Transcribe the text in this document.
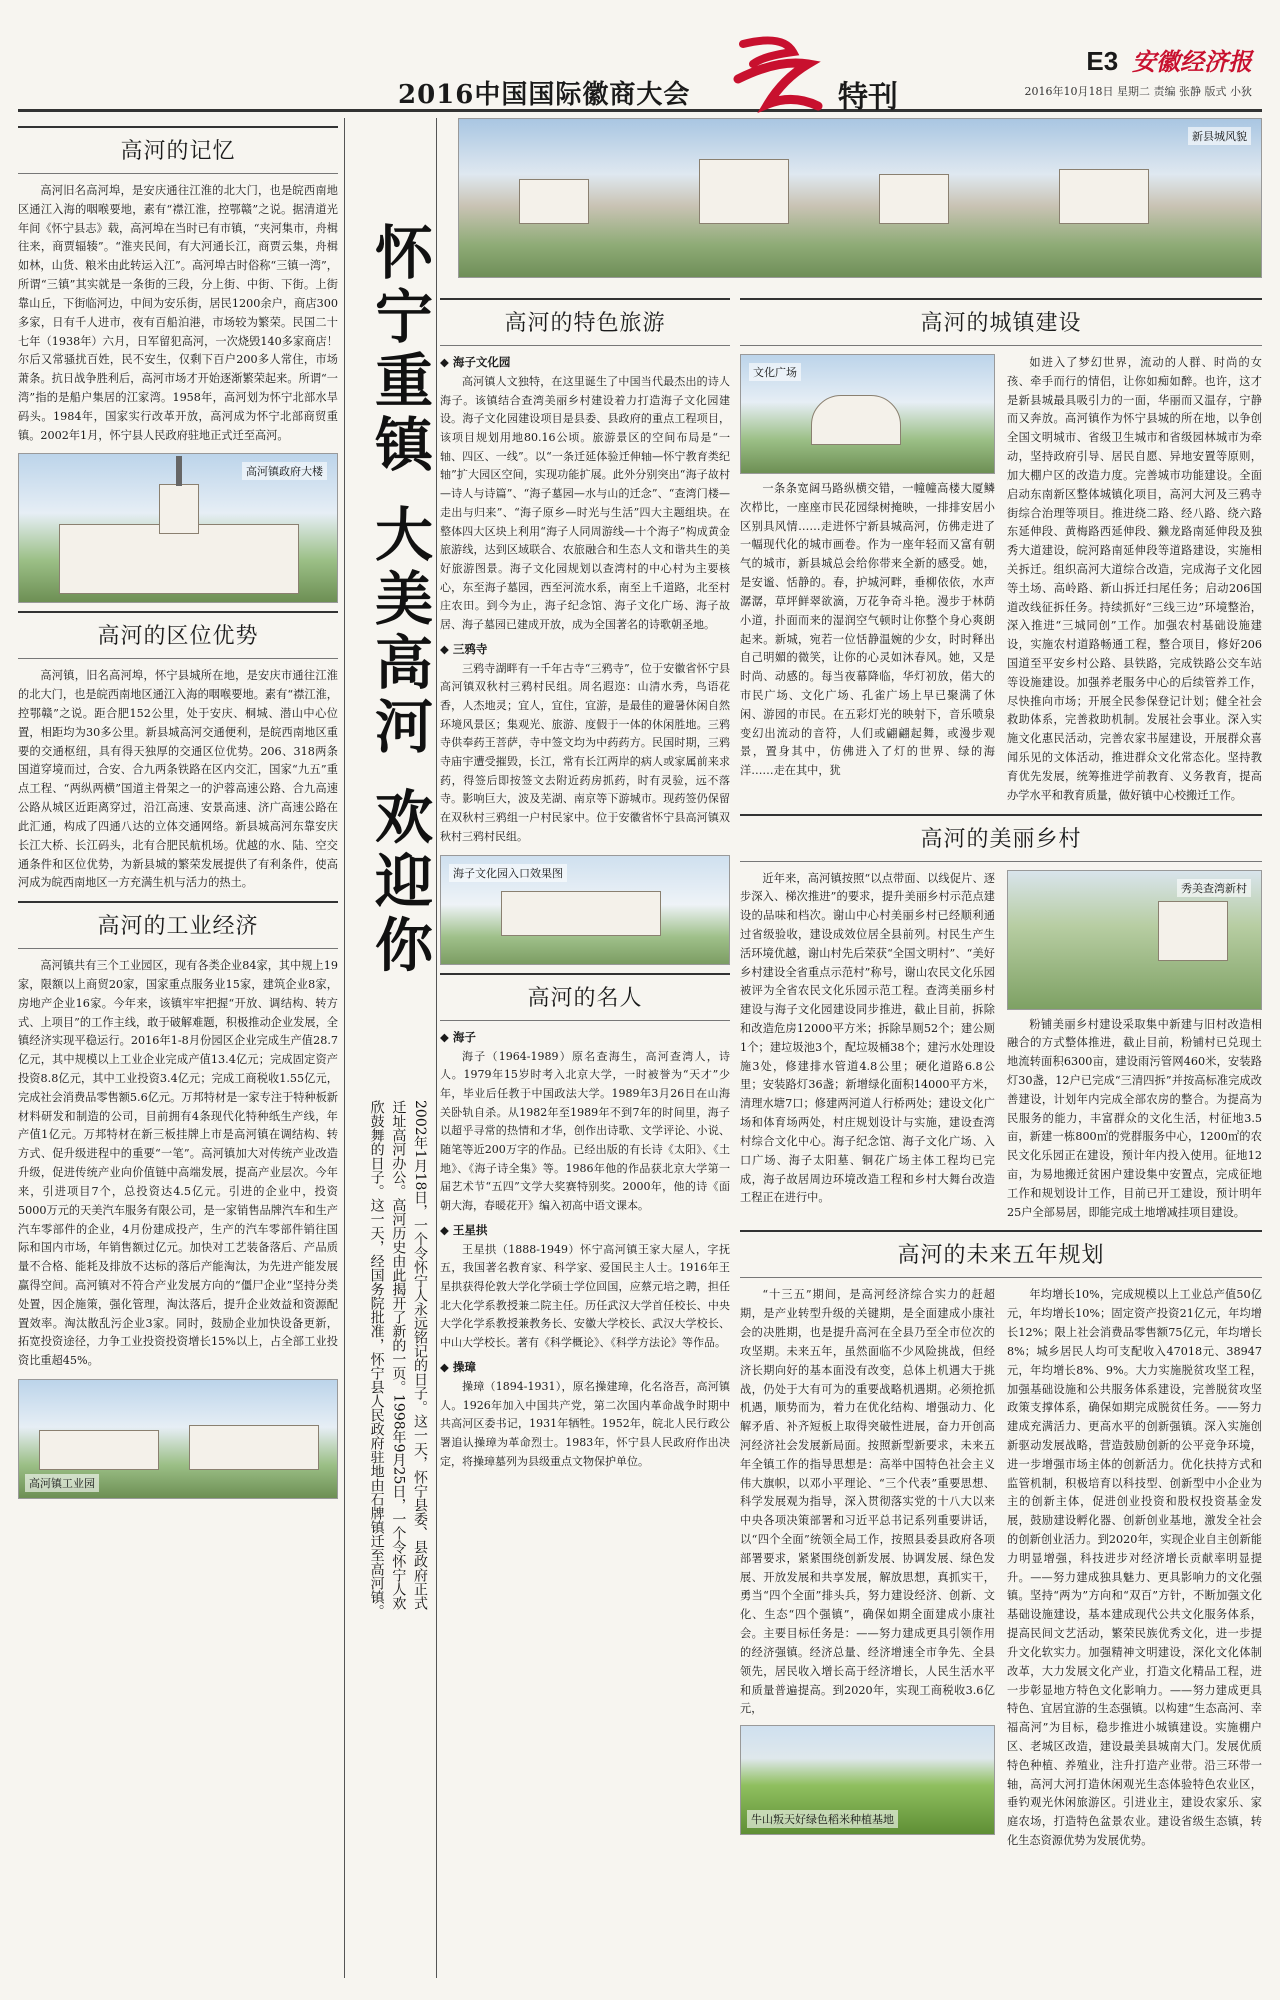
2016中国国际徽商大会	特刊
E3 安徽经济报
2016年10月18日 星期二 责编 张静 版式 小狄
高河的记忆
高河旧名高河埠，是安庆通往江淮的北大门，也是皖西南地区通江入海的咽喉要地，素有“襟江淮，控鄂赣”之说。据清道光年间《怀宁县志》载，高河埠在当时已有市镇，“夹河集市，舟楫往来，商贾辐辏”。“淮夹民间，有大河通长江，商贾云集，舟楫如林，山货、粮米由此转运入江”。高河埠古时俗称“三镇一湾”，所谓“三镇”其实就是一条街的三段，分上街、中街、下街。上街靠山丘，下街临河边，中间为安乐街，居民1200余户，商店300多家，日有千人进市，夜有百船泊港，市场较为繁荣。民国二十七年（1938年）六月，日军留犯高河，一次烧毁140多家商店！尔后又常骚扰百姓，民不安生，仅剩下百户200多人常住，市场萧条。抗日战争胜利后，高河市场才开始逐渐繁荣起来。所谓“一湾”指的是船户集居的江家湾。1958年，高河划为怀宁北部水旱码头。1984年，国家实行改革开放，高河成为怀宁北部商贸重镇。2002年1月，怀宁县人民政府驻地正式迁至高河。
高河镇政府大楼
高河的区位优势
高河镇，旧名高河埠，怀宁县城所在地，是安庆市通往江淮的北大门，也是皖西南地区通江入海的咽喉要地。素有“襟江淮，控鄂赣”之说。距合肥152公里，处于安庆、桐城、潜山中心位置，相距均为30多公里。新县城高河交通便利，是皖西南地区重要的交通枢纽，具有得天独厚的交通区位优势。206、318两条国道穿境而过，合安、合九两条铁路在区内交汇，国家“九五”重点工程、“两纵两横”国道主骨架之一的沪蓉高速公路、合九高速公路从城区近距离穿过，沿江高速、安景高速、济广高速公路在此汇通，构成了四通八达的立体交通网络。新县城高河东靠安庆长江大桥、长江码头，北有合肥民航机场。优越的水、陆、空交通条件和区位优势，为新县城的繁荣发展提供了有利条件，使高河成为皖西南地区一方充满生机与活力的热土。
高河的工业经济
高河镇共有三个工业园区，现有各类企业84家，其中规上19家，限额以上商贸20家，国家重点服务业15家，建筑企业8家，房地产企业16家。今年来，该镇牢牢把握“开放、调结构、转方式、上项目”的工作主线，敢于破解难题，积极推动企业发展，全镇经济实现平稳运行。2016年1-8月份园区企业完成生产值28.7亿元，其中规模以上工业企业完成产值13.4亿元；完成固定资产投资8.8亿元，其中工业投资3.4亿元；完成工商税收1.55亿元，完成社会消费品零售额5.6亿元。万邦特材是一家专注于特种板新材料研发和制造的公司，目前拥有4条现代化特种纸生产线，年产值1亿元。万邦特材在新三板挂牌上市是高河镇在调结构、转方式、促升级进程中的重要“一笔”。高河镇加大对传统产业改造升级，促进传统产业向价值链中高端发展，提高产业层次。今年来，引进项目7个，总投资达4.5亿元。引进的企业中，投资5000万元的天美汽车服务有限公司，是一家销售品牌汽车和生产汽车零部件的企业，4月份建成投产，生产的汽车零部件销往国际和国内市场，年销售额过亿元。加快对工艺装备落后、产品质量不合格、能耗及排放不达标的落后产能淘汰，为先进产能发展赢得空间。高河镇对不符合产业发展方向的“僵尸企业”坚持分类处置，因企施策，强化管理，淘汰落后，提升企业效益和资源配置效率。淘汰散乱污企业3家。同时，鼓励企业加快设备更新，拓宽投资途径，力争工业投资投资增长15%以上，占全部工业投资比重超45%。
高河镇工业园
怀宁重镇 大美高河 欢迎你
2002年1月18日，一个令怀宁人永远铭记的日子。这一天，怀宁县委、县政府正式迁址高河办公。高河历史由此揭开了新的一页。1998年9月25日，一个令怀宁人欢欣鼓舞的日子。这一天，经国务院批准，怀宁县人民政府驻地由石牌镇迁至高河镇。
新县城风貌
高河的特色旅游
◆ 海子文化园
高河镇人文独特，在这里诞生了中国当代最杰出的诗人海子。该镇结合查湾美丽乡村建设着力打造海子文化园建设。海子文化园建设项目是县委、县政府的重点工程项目，该项目规划用地80.16公顷。旅游景区的空间布局是“一轴、四区、一线”。以“一条迁延体验迁伸轴—怀宁教育类纪轴”扩大园区空间，实现功能扩展。此外分别突出“海子故村—诗人与诗篇”、“海子墓园—水与山的迁念”、“查湾门楼—走出与归来”、“海子原乡—时光与生活”四大主题组块。在整体四大区块上利用“海子人同周游线—十个海子”构成黄金旅游线，达到区域联合、农旅融合和生态人文和谐共生的美好旅游图景。海子文化园规划以查湾村的中心村为主要核心，东至海子墓园，西至河流水系，南至上千道路，北至村庄农田。到今为止，海子纪念馆、海子文化广场、海子故居、海子墓园已建成开放，成为全国著名的诗歌朝圣地。
◆ 三鸦寺
三鸦寺湖畔有一千年古寺“三鸦寺”，位于安徽省怀宁县高河镇双秋村三鸦村民组。周名遐迩：山清水秀，鸟语花香，人杰地灵；宜人，宜住，宜游，是最佳的避暑休闲自然环境风景区；集观光、旅游、度假于一体的休闲胜地。三鸦寺供奉药王菩萨，寺中签文均为中药药方。民国时期，三鸦寺庙宇遭受摧毁，长江，常有长江两岸的病人或家属前来求药，得签后即按签文去附近药房抓药，时有灵验，远不落寺。影响巨大，波及芜湖、南京等下游城市。现药签仍保留在双秋村三鸦组一户村民家中。位于安徽省怀宁县高河镇双秋村三鸦村民组。
海子文化园入口效果图
高河的名人
◆ 海子
海子（1964-1989）原名查海生，高河查湾人，诗人。1979年15岁时考入北京大学，一时被誉为“天才”少年，毕业后任教于中国政法大学。1989年3月26日在山海关卧轨自杀。从1982年至1989年不到7年的时间里，海子以超乎寻常的热情和才华，创作出诗歌、文学评论、小说、随笔等近200万字的作品。已经出版的有长诗《太阳》、《土地》、《海子诗全集》等。1986年他的作品获北京大学第一届艺术节“五四”文学大奖赛特别奖。2000年，他的诗《面朝大海，春暖花开》编入初高中语文课本。
◆ 王星拱
王星拱（1888-1949）怀宁高河镇王家大屋人，字抚五，我国著名教育家、科学家、爱国民主人士。1916年王星拱获得伦敦大学化学硕士学位回国，应蔡元培之聘，担任北大化学系教授兼二院主任。历任武汉大学首任校长、中央大学化学系教授兼教务长、安徽大学校长、武汉大学校长、中山大学校长。著有《科学概论》、《科学方法论》等作品。
◆ 操璋
操璋（1894-1931），原名操建璋，化名洛吾，高河镇人。1926年加入中国共产党，第二次国内革命战争时期中共高河区委书记，1931年牺牲。1952年，皖北人民行政公署追认操璋为革命烈士。1983年，怀宁县人民政府作出决定，将操璋墓列为县级重点文物保护单位。
高河的城镇建设
文化广场
一条条宽阔马路纵横交错，一幢幢高楼大厦鳞次栉比，一座座市民花园绿树掩映，一排排安居小区别具风情……走进怀宁新县城高河，仿佛走进了一幅现代化的城市画卷。作为一座年轻而又富有朝气的城市，新县城总会给你带来全新的感受。她，是安谧、恬静的。春，护城河畔，垂柳依依，水声潺潺，草坪鲜翠欲滴，万花争奇斗艳。漫步于林荫小道，扑面而来的湿润空气顿时让你整个身心爽朗起来。新城，宛若一位恬静温婉的少女，时时释出自己明媚的微笑，让你的心灵如沐春风。她，又是时尚、动感的。每当夜幕降临，华灯初放，偌大的市民广场、文化广场、孔雀广场上早已聚满了休闲、游园的市民。在五彩灯光的映射下，音乐喷泉变幻出流动的音符，人们或翩翩起舞，或漫步观景，置身其中，仿佛进入了灯的世界、绿的海洋……走在其中，犹
如进入了梦幻世界，流动的人群、时尚的女孩、牵手而行的情侣，让你如痴如醉。也许，这才是新县城最具吸引力的一面，华丽而又温存，宁静而又奔放。高河镇作为怀宁县城的所在地，以争创全国文明城市、省级卫生城市和省级园林城市为牵动，坚持政府引导、居民自愿、异地安置等原则，加大棚户区的改造力度。完善城市功能建设。全面启动东南新区整体城镇化项目，高河大河及三鸦寺街综合治理等项目。推进绕二路、经八路、绕六路东延伸段、黄梅路西延伸段、獭龙路南延伸段及独秀大道建设，皖河路南延伸段等道路建设，实施相关拆迁。组织高河大道综合改造，完成海子文化园等土场、高岭路、新山拆迁扫尾任务；启动206国道改线征拆任务。持续抓好“三线三边”环境整治，深入推进“三城同创”工作。加强农村基础设施建设，实施农村道路畅通工程，整合项目，修好206国道至平安乡村公路、县铁路，完成铁路公交车站等设施建设。加强养老服务中心的后续管养工作，尽快推向市场；开展全民参保登记计划；健全社会救助体系，完善救助机制。发展社会事业。深入实施文化惠民活动，完善农家书屋建设，开展群众喜闻乐见的文体活动，推进群众文化常态化。坚持教育优先发展，统筹推进学前教育、义务教育，提高办学水平和教育质量，做好镇中心校搬迁工作。
高河的美丽乡村
近年来，高河镇按照“以点带面、以线促片、逐步深入、梯次推进”的要求，提升美丽乡村示范点建设的品味和档次。谢山中心村美丽乡村已经顺利通过省级验收，建设成效位居全县前列。村民生产生活环境优越，谢山村先后荣获“全国文明村”、“美好乡村建设全省重点示范村”称号，谢山农民文化乐园被评为全省农民文化乐园示范工程。查湾美丽乡村建设与海子文化园建设同步推进，截止目前，拆除和改造危房12000平方米；拆除旱厕52个；建公厕1个；建垃圾池3个，配垃圾桶38个；建污水处理设施3处，修建排水管道4.8公里；硬化道路6.8公里；安装路灯36盏；新增绿化面积14000平方米，清理水塘7口；修建两河道人行桥两处；建设文化广场和体育场两处，村庄规划设计与实施，建设查湾村综合文化中心。海子纪念馆、海子文化广场、入口广场、海子太阳墓、铜花广场主体工程均已完成，海子故居周边环境改造工程和乡村大舞台改造工程正在进行中。
秀美查湾新村
粉铺美丽乡村建设采取集中新建与旧村改造相融合的方式整体推进，截止目前，粉铺村已兑现土地流转面积6300亩，建设雨污管网460米，安装路灯30盏，12户已完成“三清四拆”并按高标准完成改善建设，计划年内完成全部农房的整合。为提高为民服务的能力，丰富群众的文化生活，村征地3.5亩，新建一栋800㎡的党群服务中心，1200㎡的农民文化乐园正在建设，预计年内投入使用。征地12亩，为易地搬迁贫困户建设集中安置点，完成征地工作和规划设计工作，目前已开工建设，预计明年25户全部易居，即能完成土地增减挂项目建设。
高河的未来五年规划
“十三五”期间，是高河经济综合实力的赶超期，是产业转型升级的关键期，是全面建成小康社会的决胜期，也是提升高河在全县乃至全市位次的攻坚期。未来五年，虽然面临不少风险挑战，但经济长期向好的基本面没有改变，总体上机遇大于挑战，仍处于大有可为的重要战略机遇期。必须抢抓机遇，顺势而为，着力在优化结构、增强动力、化解矛盾、补齐短板上取得突破性进展，奋力开创高河经济社会发展新局面。按照新型新要求，未来五年全镇工作的指导思想是：高举中国特色社会主义伟大旗帜，以邓小平理论、“三个代表”重要思想、科学发展观为指导，深入贯彻落实党的十八大以来中央各项决策部署和习近平总书记系列重要讲话，以“四个全面”统领全局工作，按照县委县政府各项部署要求，紧紧围绕创新发展、协调发展、绿色发展、开放发展和共享发展，解放思想，真抓实干，勇当“四个全面”排头兵，努力建设经济、创新、文化、生态“四个强镇”，确保如期全面建成小康社会。主要目标任务是：——努力建成更具引领作用的经济强镇。经济总量、经济增速全市争先、全县领先，居民收入增长高于经济增长，人民生活水平和质量普遍提高。到2020年，实现工商税收3.6亿元，
牛山叛天好绿色稻米种植基地
年均增长10%，完成规模以上工业总产值50亿元，年均增长10%；固定资产投资21亿元，年均增长12%；限上社会消费品零售额75亿元，年均增长8%；城乡居民人均可支配收入47018元、38947元，年均增长8%、9%。大力实施脱贫攻坚工程，加强基础设施和公共服务体系建设，完善脱贫攻坚政策支撑体系，确保如期完成脱贫任务。——努力建成充满活力、更高水平的创新强镇。深入实施创新驱动发展战略，营造鼓励创新的公平竞争环境，进一步增强市场主体的创新活力。优化扶持方式和监管机制，积极培育以科技型、创新型中小企业为主的创新主体，促进创业投资和股权投资基金发展，鼓励建设孵化器、创新创业基地，激发全社会的创新创业活力。到2020年，实现企业自主创新能力明显增强，科技进步对经济增长贡献率明显提升。——努力建成独具魅力、更具影响力的文化强镇。坚持“两为”方向和“双百”方针，不断加强文化基础设施建设，基本建成现代公共文化服务体系，提高民间文艺活动，繁荣民族优秀文化，进一步提升文化软实力。加强精神文明建设，深化文化体制改革，大力发展文化产业，打造文化精品工程，进一步彰显地方特色文化影响力。——努力建成更具特色、宜居宜游的生态强镇。以构建“生态高河、幸福高河”为目标，稳步推进小城镇建设。实施棚户区、老城区改造，建设最美县城南大门。发展优质特色种植、养殖业，注升打造产业带。沿三环带一轴，高河大河打造休闲观光生态体验特色农业区，垂钓观光休闲旅游区。引进业主，建设农家乐、家庭农场，打造特色盆景农业。建设省级生态镇，转化生态资源优势为发展优势。
